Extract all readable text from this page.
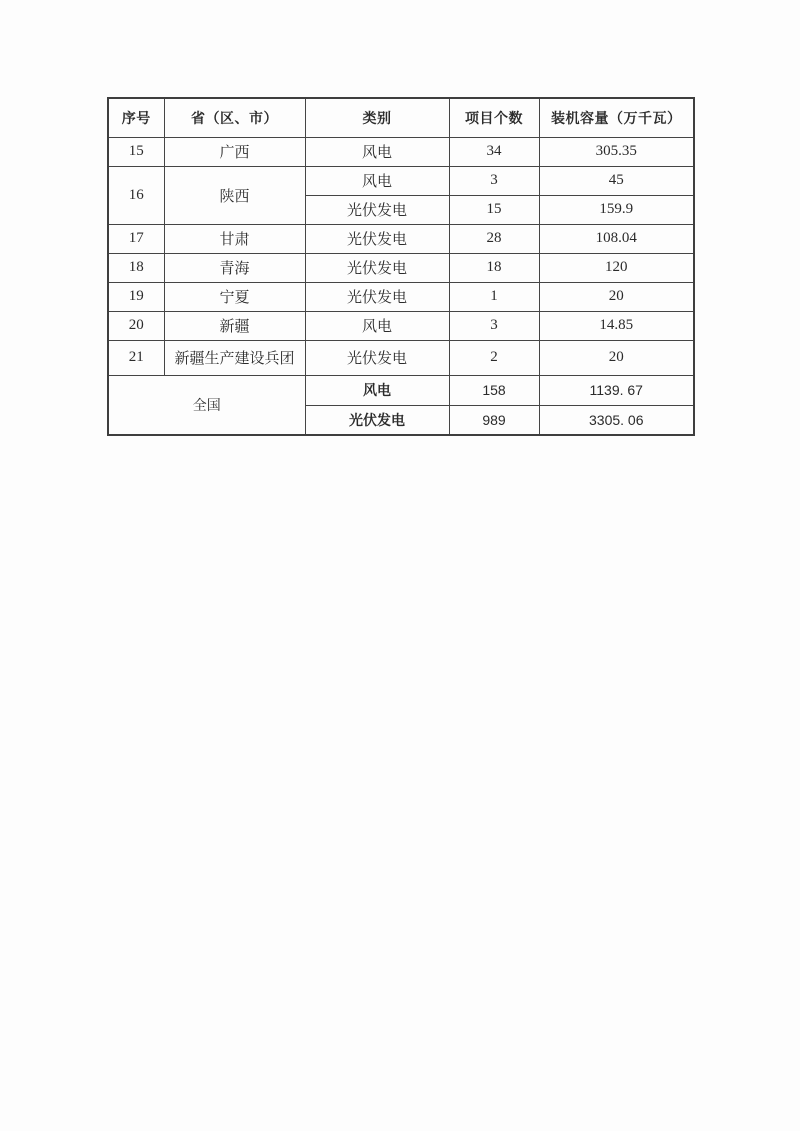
序号	省（区、市）	类别	项目个数	装机容量（万千瓦）
15	广西	风电	34	305.35
16	陕西	风电	3	45
		光伏发电	15	159.9
17	甘肃	光伏发电	28	108.04
18	青海	光伏发电	18	120
19	宁夏	光伏发电	1	20
20	新疆	风电	3	14.85
21	新疆生产建设兵团	光伏发电	2	20
全国		风电	158	1139. 67
		光伏发电	989	3305. 06
